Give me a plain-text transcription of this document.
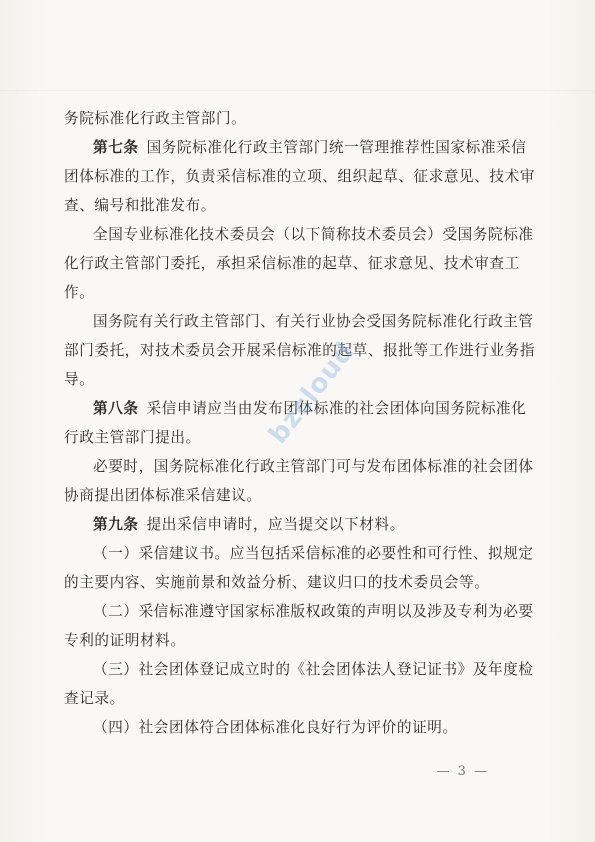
务院标准化行政主管部门。

第七条 国务院标准化行政主管部门统一管理推荐性国家标准采信团体标准的工作，负责采信标准的立项、组织起草、征求意见、技术审查、编号和批准发布。

全国专业标准化技术委员会（以下简称技术委员会）受国务院标准化行政主管部门委托，承担采信标准的起草、征求意见、技术审查工作。

国务院有关行政主管部门、有关行业协会受国务院标准化行政主管部门委托，对技术委员会开展采信标准的起草、报批等工作进行业务指导。

第八条 采信申请应当由发布团体标准的社会团体向国务院标准化行政主管部门提出。

必要时，国务院标准化行政主管部门可与发布团体标准的社会团体协商提出团体标准采信建议。

第九条 提出采信申请时，应当提交以下材料。

（一）采信建议书。应当包括采信标准的必要性和可行性、拟规定的主要内容、实施前景和效益分析、建议归口的技术委员会等。

（二）采信标准遵守国家标准版权政策的声明以及涉及专利为必要专利的证明材料。

（三）社会团体登记成立时的《社会团体法人登记证书》及年度检查记录。

（四）社会团体符合团体标准化良好行为评价的证明。

bzcloud
— 3 —
